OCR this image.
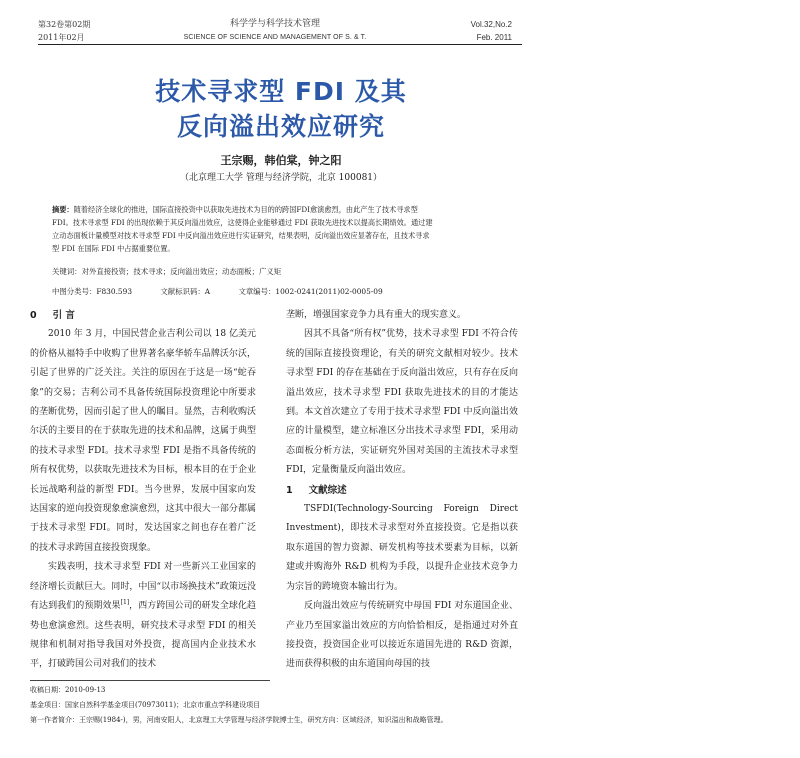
第32卷第02期
2011年02月
科学学与科学技术管理
SCIENCE OF SCIENCE AND MANAGEMENT OF S. & T.
Vol.32,No.2
Feb. 2011
技术寻求型 FDI 及其
反向溢出效应研究
王宗赐，韩伯棠，钟之阳
（北京理工大学 管理与经济学院，北京 100081）
摘要：随着经济全球化的推进，国际直接投资中以获取先进技术为目的的跨国FDI愈演愈烈，由此产生了技术寻求型
FDI。技术寻求型 FDI 的出现依赖于其反向溢出效应，这使得企业能够通过 FDI 获取先进技术以提高长期绩效。通过建
立动态面板计量模型对技术寻求型 FDI 中反向溢出效应进行实证研究，结果表明，反向溢出效应显著存在，且技术寻求
型 FDI 在国际 FDI 中占据重要位置。
关键词：对外直接投资；技术寻求；反向溢出效应；动态面板；广义矩
中图分类号：F830.593	文献标识码：A	文章编号：1002-0241(2011)02-0005-09
0 引 言

2010 年 3 月，中国民营企业吉利公司以 18 亿美元的价格从福特手中收购了世界著名豪华轿车品牌沃尔沃，引起了世界的广泛关注。关注的原因在于这是一场“蛇吞象”的交易；吉利公司不具备传统国际投资理论中所要求的垄断优势，因而引起了世人的瞩目。显然，吉利收购沃尔沃的主要目的在于获取先进的技术和品牌，这属于典型的技术寻求型 FDI。技术寻求型 FDI 是指不具备传统的所有权优势，以获取先进技术为目标，根本目的在于企业长远战略利益的新型 FDI。当今世界，发展中国家向发达国家的逆向投资现象愈演愈烈，这其中很大一部分都属于技术寻求型 FDI。同时，发达国家之间也存在着广泛的技术寻求跨国直接投资现象。

实践表明，技术寻求型 FDI 对一些新兴工业国家的经济增长贡献巨大。同时，中国“以市场换技术”政策远没有达到我们的预期效果[1]，西方跨国公司的研发全球化趋势也愈演愈烈。这些表明，研究技术寻求型 FDI 的相关规律和机制对指导我国对外投资，提高国内企业技术水平，打破跨国公司对我们的技术

垄断，增强国家竞争力具有重大的现实意义。

因其不具备“所有权”优势，技术寻求型 FDI 不符合传统的国际直接投资理论，有关的研究文献相对较少。技术寻求型 FDI 的存在基础在于反向溢出效应，只有存在反向溢出效应，技术寻求型 FDI 获取先进技术的目的才能达到。本文首次建立了专用于技术寻求型 FDI 中反向溢出效应的计量模型，建立标准区分出技术寻求型 FDI，采用动态面板分析方法，实证研究外国对美国的主流技术寻求型 FDI，定量衡量反向溢出效应。

1 文献综述

TSFDI(Technology-Sourcing Foreign Direct Investment)，即技术寻求型对外直接投资。它是指以获取东道国的智力资源、研发机构等技术要素为目标，以新建或并购海外 R&D 机构为手段，以提升企业技术竞争力为宗旨的跨境资本输出行为。

反向溢出效应与传统研究中母国 FDI 对东道国企业、产业乃至国家溢出效应的方向恰恰相反，是指通过对外直接投资，投资国企业可以接近东道国先进的 R&D 资源，进而获得积极的由东道国向母国的技

收稿日期：2010-09-13
基金项目：国家自然科学基金项目(70973011)；北京市重点学科建设项目
第一作者简介：王宗赐(1984-)，男，河南安阳人，北京理工大学管理与经济学院博士生，研究方向：区域经济，知识溢出和战略管理。
